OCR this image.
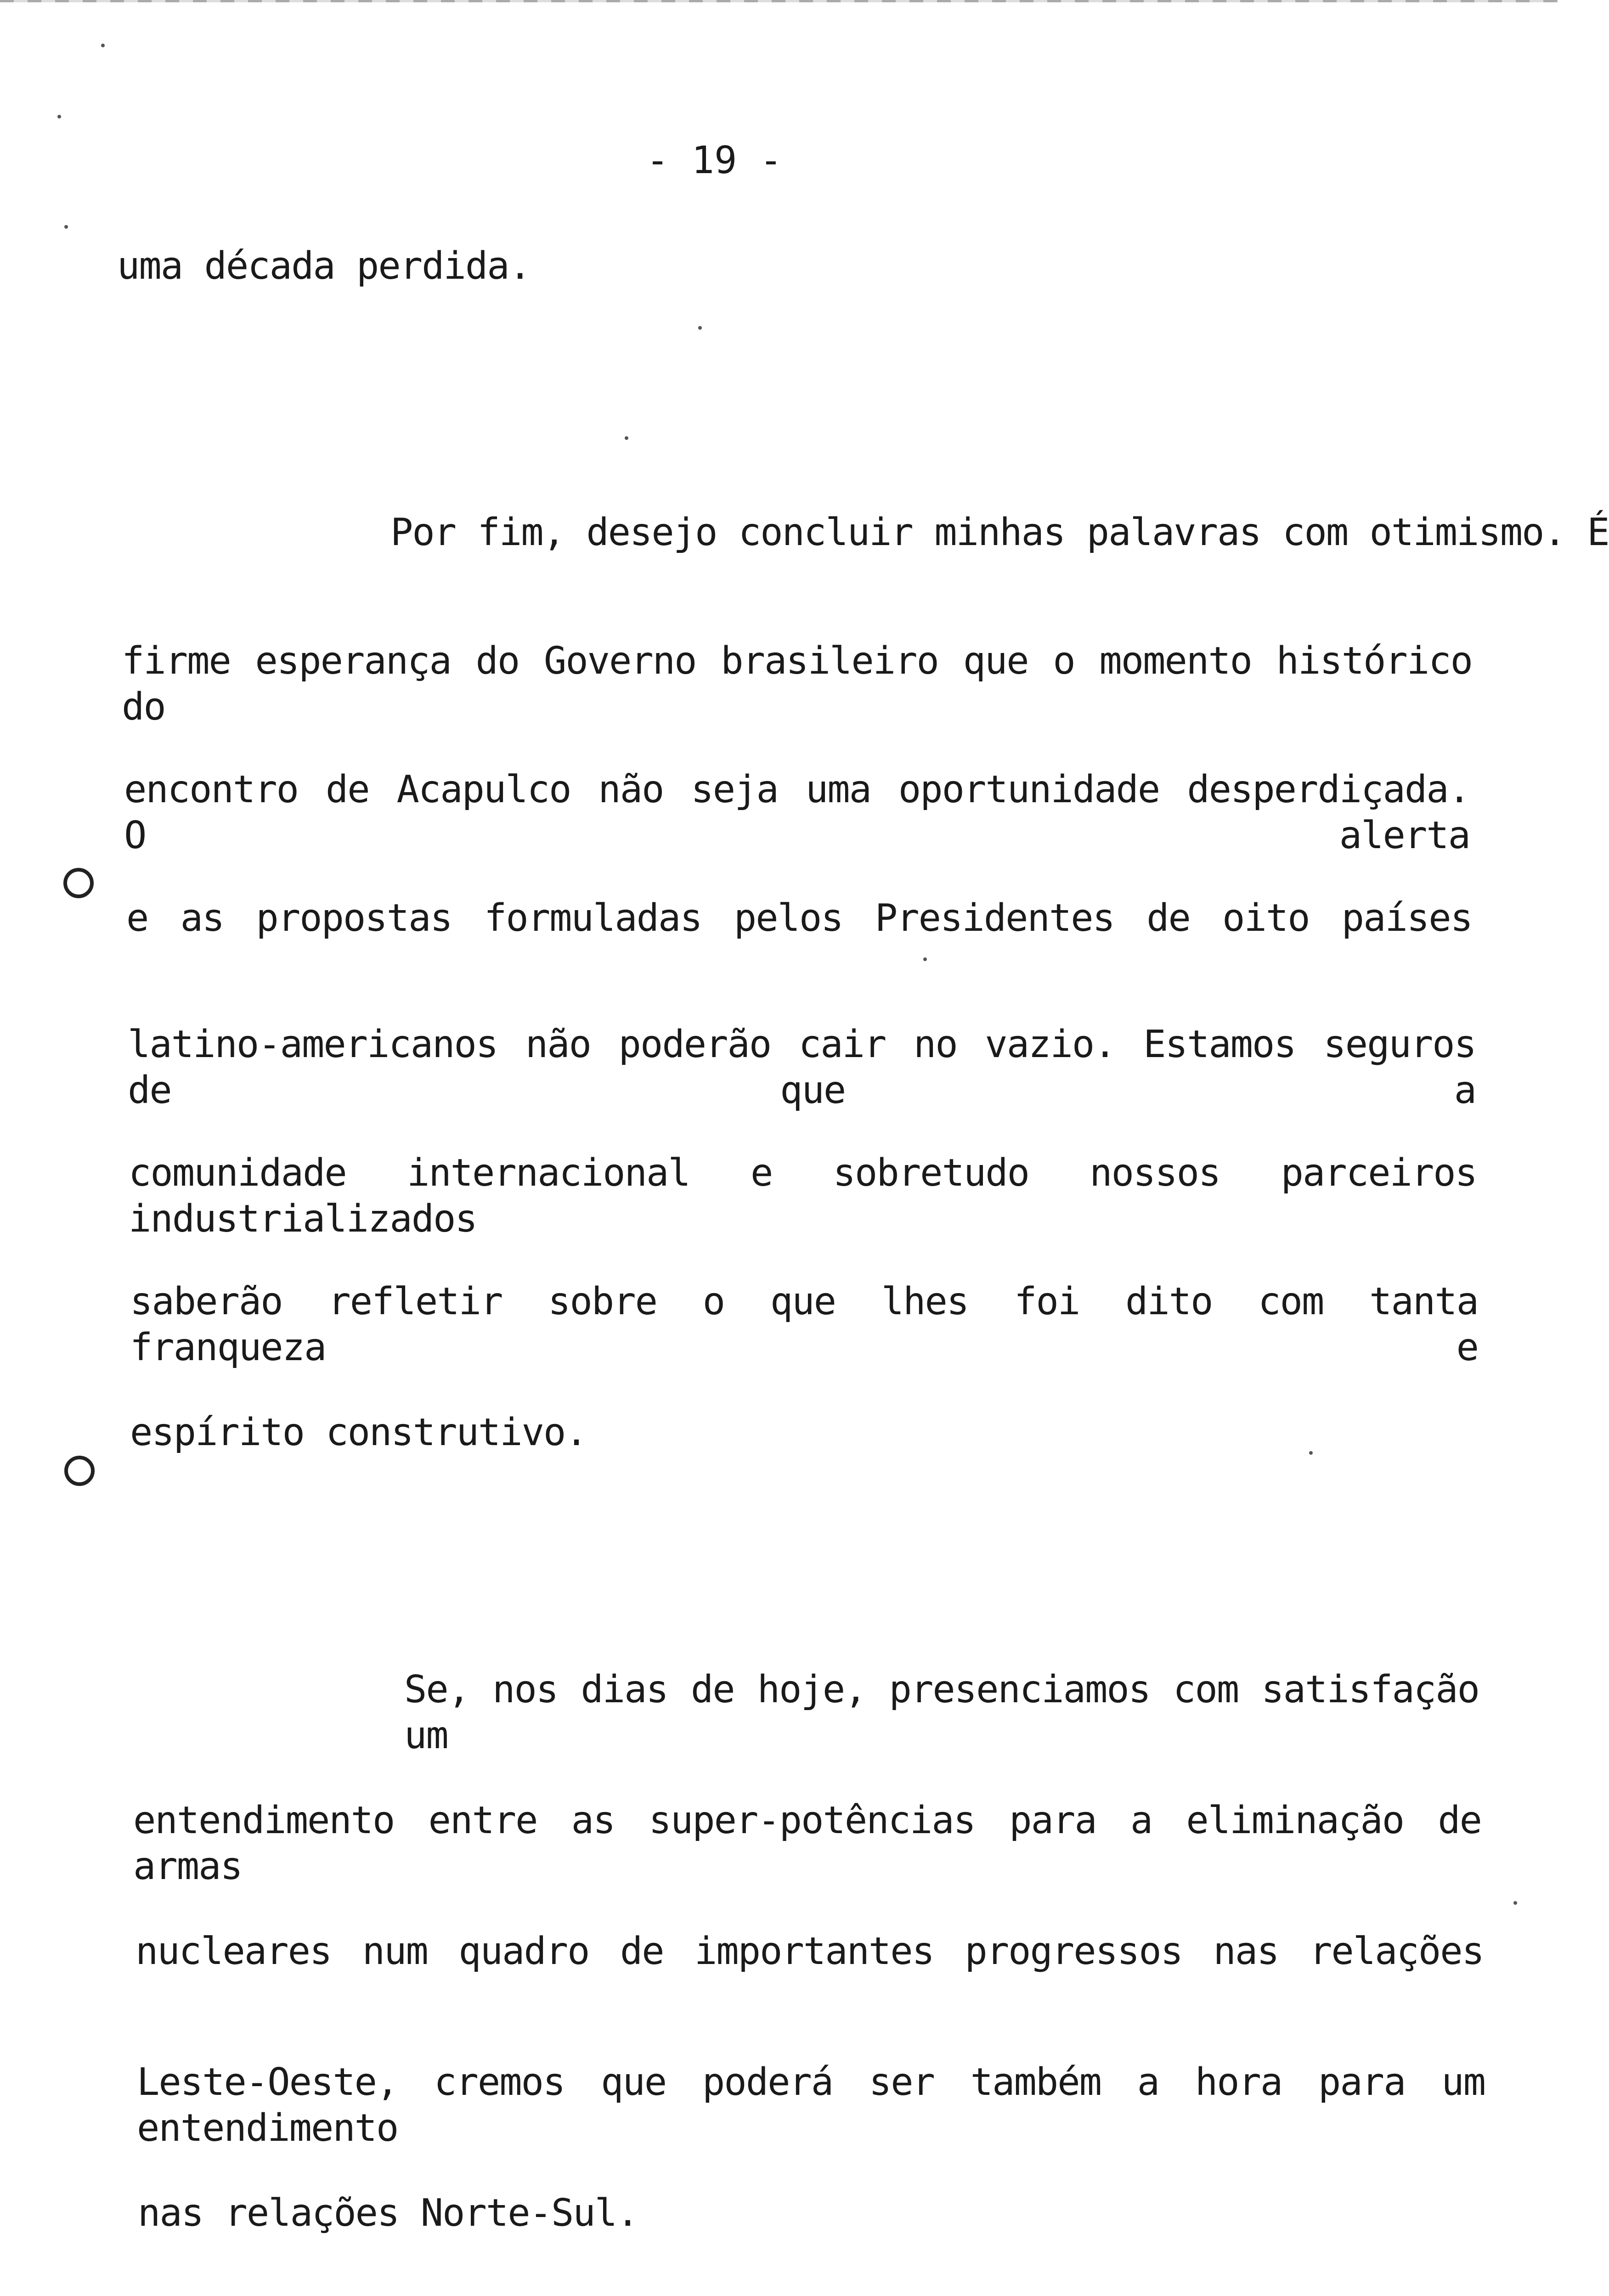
- 19 -
uma década perdida.
Por fim, desejo concluir minhas palavras com otimismo. É
firme esperança do Governo brasileiro que o momento histórico do
encontro de Acapulco não seja uma oportunidade desperdiçada. O alerta
e as propostas formuladas pelos Presidentes de oito países
latino-americanos não poderão cair no vazio. Estamos seguros de que a
comunidade internacional e sobretudo nossos parceiros industrializados
saberão refletir sobre o que lhes foi dito com tanta franqueza e
espírito construtivo.
Se, nos dias de hoje, presenciamos com satisfação um
entendimento entre as super-potências para a eliminação de armas
nucleares num quadro de importantes progressos nas relações
Leste-Oeste, cremos que poderá ser também a hora para um entendimento
nas relações Norte-Sul.
